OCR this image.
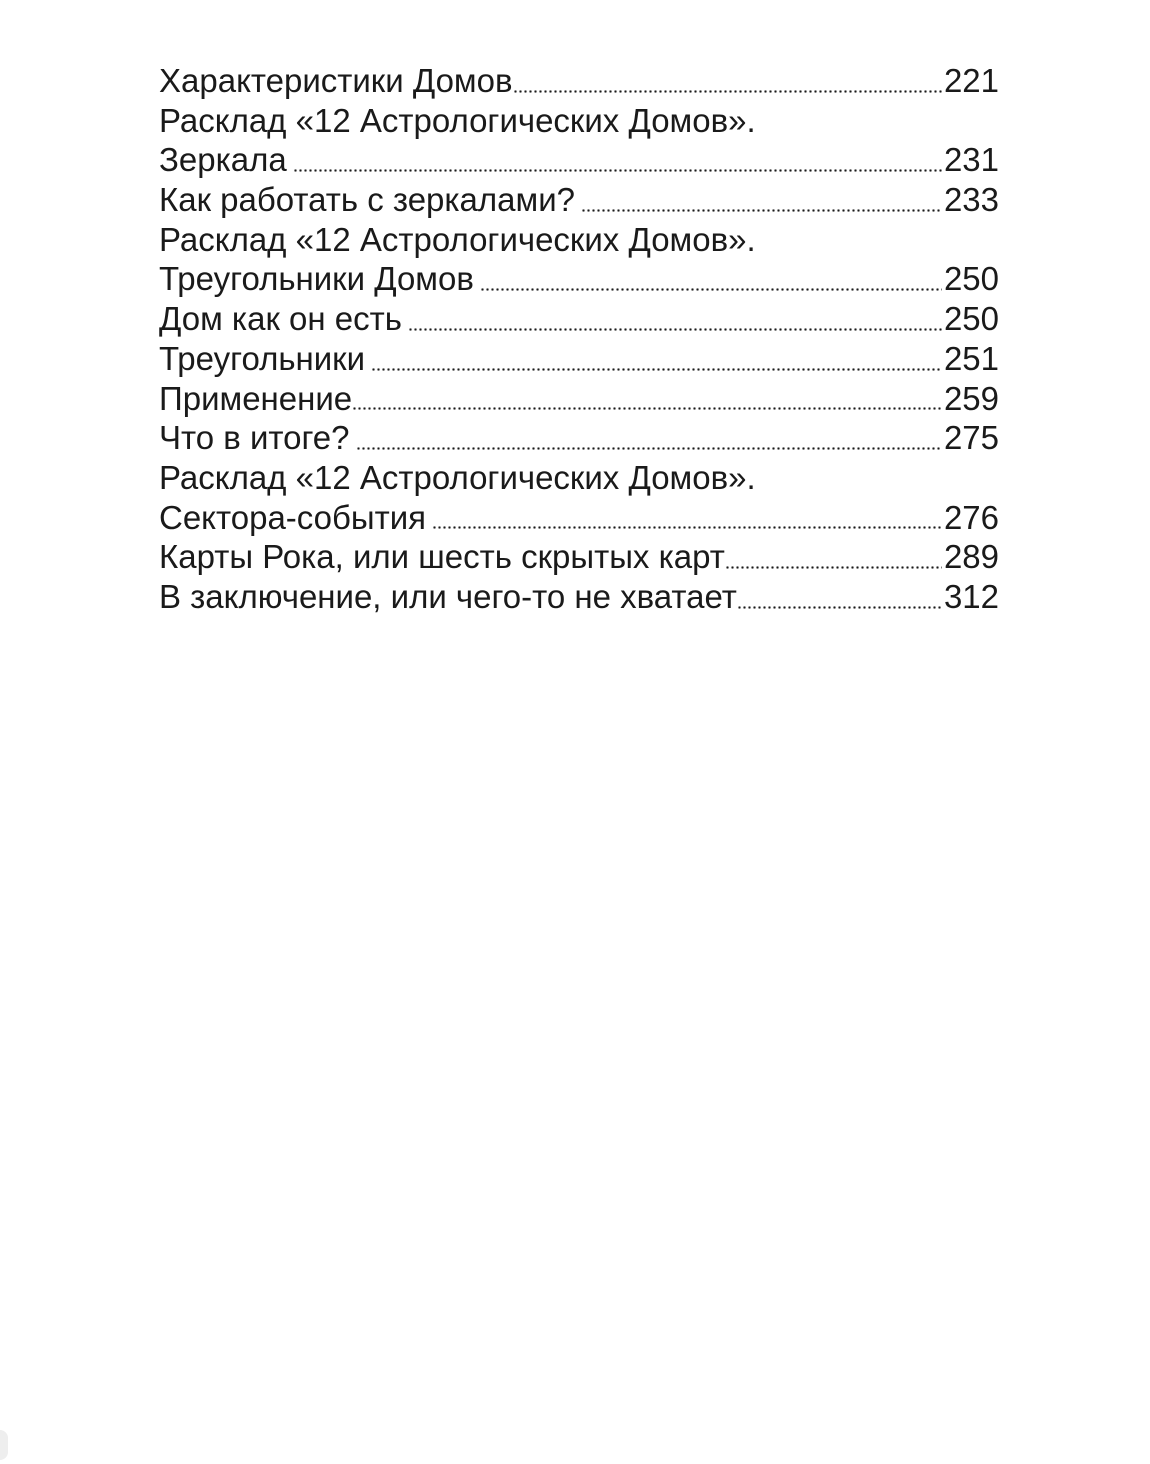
Характеристики Домов	221
Расклад «12 Астрологических Домов».
Зеркала	231
Как работать с зеркалами?	233
Расклад «12 Астрологических Домов».
Треугольники Домов	250
Дом как он есть	250
Треугольники	251
Применение	259
Что в итоге?	275
Расклад «12 Астрологических Домов».
Сектора-события	276
Карты Рока, или шесть скрытых карт	289
В заключение, или чего-то не хватает	312
